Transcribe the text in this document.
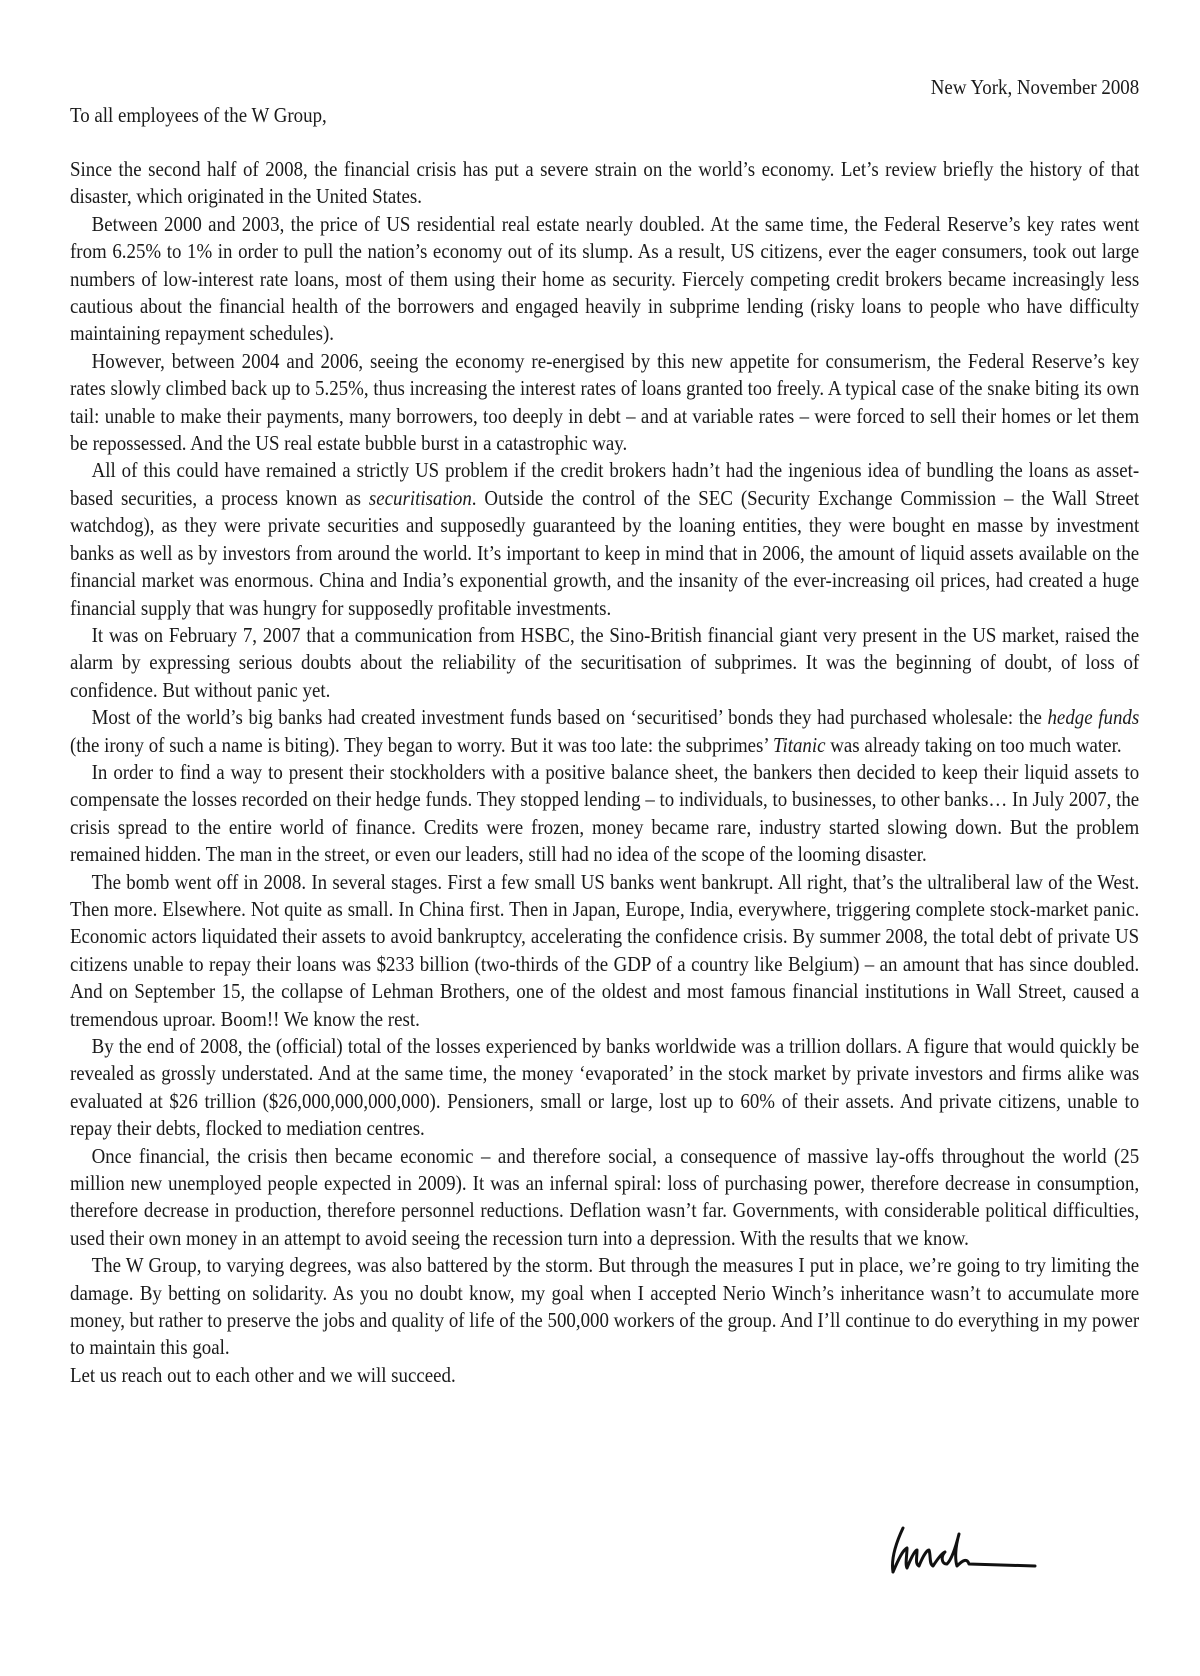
New York, November 2008
To all employees of the W Group,

Since the second half of 2008, the financial crisis has put a severe strain on the world’s economy. Let’s review briefly the history of that disaster, which originated in the United States.

Between 2000 and 2003, the price of US residential real estate nearly doubled. At the same time, the Federal Reserve’s key rates went from 6.25% to 1% in order to pull the nation’s economy out of its slump. As a result, US citizens, ever the eager consumers, took out large numbers of low-interest rate loans, most of them using their home as security. Fiercely competing credit brokers became increasingly less cautious about the financial health of the borrowers and engaged heavily in subprime lending (risky loans to people who have difficulty maintaining repayment schedules).

However, between 2004 and 2006, seeing the economy re-energised by this new appetite for consumerism, the Federal Reserve’s key rates slowly climbed back up to 5.25%, thus increasing the interest rates of loans granted too freely. A typical case of the snake biting its own tail: unable to make their payments, many borrowers, too deeply in debt – and at variable rates – were forced to sell their homes or let them be repossessed. And the US real estate bubble burst in a catastrophic way.

All of this could have remained a strictly US problem if the credit brokers hadn’t had the ingenious idea of bundling the loans as asset-based securities, a process known as securitisation. Outside the control of the SEC (Security Exchange Commission – the Wall Street watchdog), as they were private securities and supposedly guaranteed by the loaning entities, they were bought en masse by investment banks as well as by investors from around the world. It’s important to keep in mind that in 2006, the amount of liquid assets available on the financial market was enormous. China and India’s exponential growth, and the insanity of the ever-increasing oil prices, had created a huge financial supply that was hungry for supposedly profitable investments.

It was on February 7, 2007 that a communication from HSBC, the Sino-British financial giant very present in the US market, raised the alarm by expressing serious doubts about the reliability of the securitisation of subprimes. It was the beginning of doubt, of loss of confidence. But without panic yet.

Most of the world’s big banks had created investment funds based on ‘securitised’ bonds they had purchased wholesale: the hedge funds (the irony of such a name is biting). They began to worry. But it was too late: the subprimes’ Titanic was already taking on too much water.

In order to find a way to present their stockholders with a positive balance sheet, the bankers then decided to keep their liquid assets to compensate the losses recorded on their hedge funds. They stopped lending – to individuals, to businesses, to other banks… In July 2007, the crisis spread to the entire world of finance. Credits were frozen, money became rare, industry started slowing down. But the problem remained hidden. The man in the street, or even our leaders, still had no idea of the scope of the looming disaster.

The bomb went off in 2008. In several stages. First a few small US banks went bankrupt. All right, that’s the ultraliberal law of the West. Then more. Elsewhere. Not quite as small. In China first. Then in Japan, Europe, India, everywhere, triggering complete stock-market panic. Economic actors liquidated their assets to avoid bankruptcy, accelerating the confidence crisis. By summer 2008, the total debt of private US citizens unable to repay their loans was $233 billion (two-thirds of the GDP of a country like Belgium) – an amount that has since doubled. And on September 15, the collapse of Lehman Brothers, one of the oldest and most famous financial institutions in Wall Street, caused a tremendous uproar. Boom!! We know the rest.

By the end of 2008, the (official) total of the losses experienced by banks worldwide was a trillion dollars. A figure that would quickly be revealed as grossly understated. And at the same time, the money ‘evaporated’ in the stock market by private investors and firms alike was evaluated at $26 trillion ($26,000,000,000,000). Pensioners, small or large, lost up to 60% of their assets. And private citizens, unable to repay their debts, flocked to mediation centres.

Once financial, the crisis then became economic – and therefore social, a consequence of massive lay-offs throughout the world (25 million new unemployed people expected in 2009). It was an infernal spiral: loss of purchasing power, therefore decrease in consumption, therefore decrease in production, therefore personnel reductions. Deflation wasn’t far. Governments, with considerable political difficulties, used their own money in an attempt to avoid seeing the recession turn into a depression. With the results that we know.

The W Group, to varying degrees, was also battered by the storm. But through the measures I put in place, we’re going to try limiting the damage. By betting on solidarity. As you no doubt know, my goal when I accepted Nerio Winch’s inheritance wasn’t to accumulate more money, but rather to preserve the jobs and quality of life of the 500,000 workers of the group. And I’ll continue to do everything in my power to maintain this goal.

Let us reach out to each other and we will succeed.
